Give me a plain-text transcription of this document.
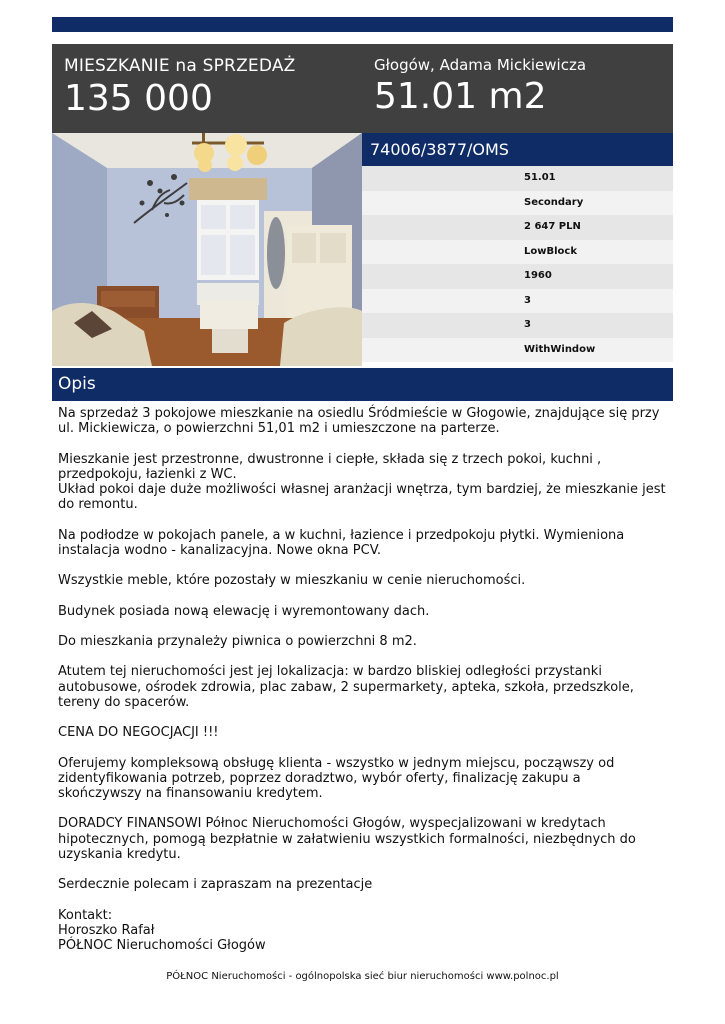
MIESZKANIE na SPRZEDAŻ
135 000
Głogów, Adama Mickiewicza
51.01 m2
74006/3877/OMS
51.01
Secondary
2 647 PLN
LowBlock
1960
3
3
WithWindow
Opis

Na sprzedaż 3 pokojowe mieszkanie na osiedlu Śródmieście w Głogowie, znajdujące się przy ul. Mickiewicza, o powierzchni 51,01 m2 i umieszczone na parterze.

Mieszkanie jest przestronne, dwustronne i ciepłe, składa się z trzech pokoi, kuchni , przedpokoju, łazienki z WC.
Układ pokoi daje duże możliwości własnej aranżacji wnętrza, tym bardziej, że mieszkanie jest do remontu.

Na podłodze w pokojach panele, a w kuchni, łazience i przedpokoju płytki. Wymieniona instalacja wodno - kanalizacyjna. Nowe okna PCV.

Wszystkie meble, które pozostały w mieszkaniu w cenie nieruchomości.

Budynek posiada nową elewację i wyremontowany dach.

Do mieszkania przynależy piwnica o powierzchni 8 m2.

Atutem tej nieruchomości jest jej lokalizacja: w bardzo bliskiej odległości przystanki autobusowe, ośrodek zdrowia, plac zabaw, 2 supermarkety, apteka, szkoła, przedszkole, tereny do spacerów.

CENA DO NEGOCJACJI !!!

Oferujemy kompleksową obsługę klienta - wszystko w jednym miejscu, począwszy od zidentyfikowania potrzeb, poprzez doradztwo, wybór oferty, finalizację zakupu a skończywszy na finansowaniu kredytem.

DORADCY FINANSOWI Północ Nieruchomości Głogów, wyspecjalizowani w kredytach hipotecznych, pomogą bezpłatnie w załatwieniu wszystkich formalności, niezbędnych do uzyskania kredytu.

Serdecznie polecam i zapraszam na prezentacje

Kontakt:
Horoszko Rafał
PÓŁNOC Nieruchomości Głogów

PÓŁNOC Nieruchomości - ogólnopolska sieć biur nieruchomości www.polnoc.pl
